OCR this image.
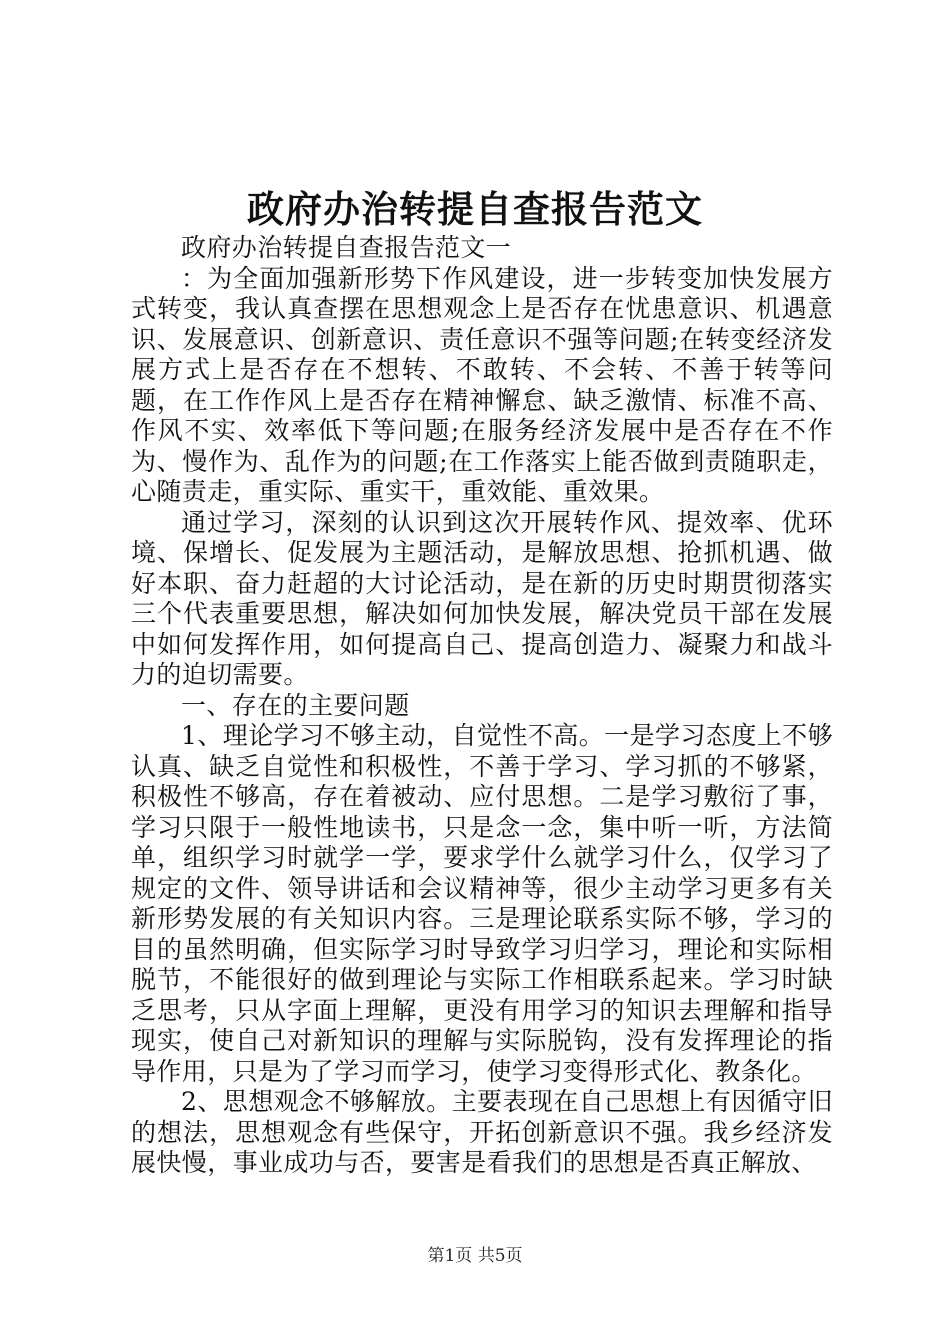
政府办治转提自查报告范文

政府办治转提自查报告范文一

：为全面加强新形势下作风建设，进一步转变加快发展方式转变，我认真查摆在思想观念上是否存在忧患意识、机遇意识、发展意识、创新意识、责任意识不强等问题;在转变经济发展方式上是否存在不想转、不敢转、不会转、不善于转等问题，在工作作风上是否存在精神懈怠、缺乏激情、标准不高、作风不实、效率低下等问题;在服务经济发展中是否存在不作为、慢作为、乱作为的问题;在工作落实上能否做到责随职走，心随责走，重实际、重实干，重效能、重效果。

通过学习，深刻的认识到这次开展转作风、提效率、优环境、保增长、促发展为主题活动，是解放思想、抢抓机遇、做好本职、奋力赶超的大讨论活动，是在新的历史时期贯彻落实三个代表重要思想，解决如何加快发展，解决党员干部在发展中如何发挥作用，如何提高自己、提高创造力、凝聚力和战斗力的迫切需要。

一、存在的主要问题

1、理论学习不够主动，自觉性不高。一是学习态度上不够认真、缺乏自觉性和积极性，不善于学习、学习抓的不够紧，积极性不够高，存在着被动、应付思想。二是学习敷衍了事，学习只限于一般性地读书，只是念一念，集中听一听，方法简单，组织学习时就学一学，要求学什么就学习什么，仅学习了规定的文件、领导讲话和会议精神等，很少主动学习更多有关新形势发展的有关知识内容。三是理论联系实际不够，学习的目的虽然明确，但实际学习时导致学习归学习，理论和实际相脱节，不能很好的做到理论与实际工作相联系起来。学习时缺乏思考，只从字面上理解，更没有用学习的知识去理解和指导现实，使自己对新知识的理解与实际脱钩，没有发挥理论的指导作用，只是为了学习而学习，使学习变得形式化、教条化。

2、思想观念不够解放。主要表现在自己思想上有因循守旧的想法，思想观念有些保守，开拓创新意识不强。我乡经济发展快慢，事业成功与否，要害是看我们的思想是否真正解放、

第1页 共5页
